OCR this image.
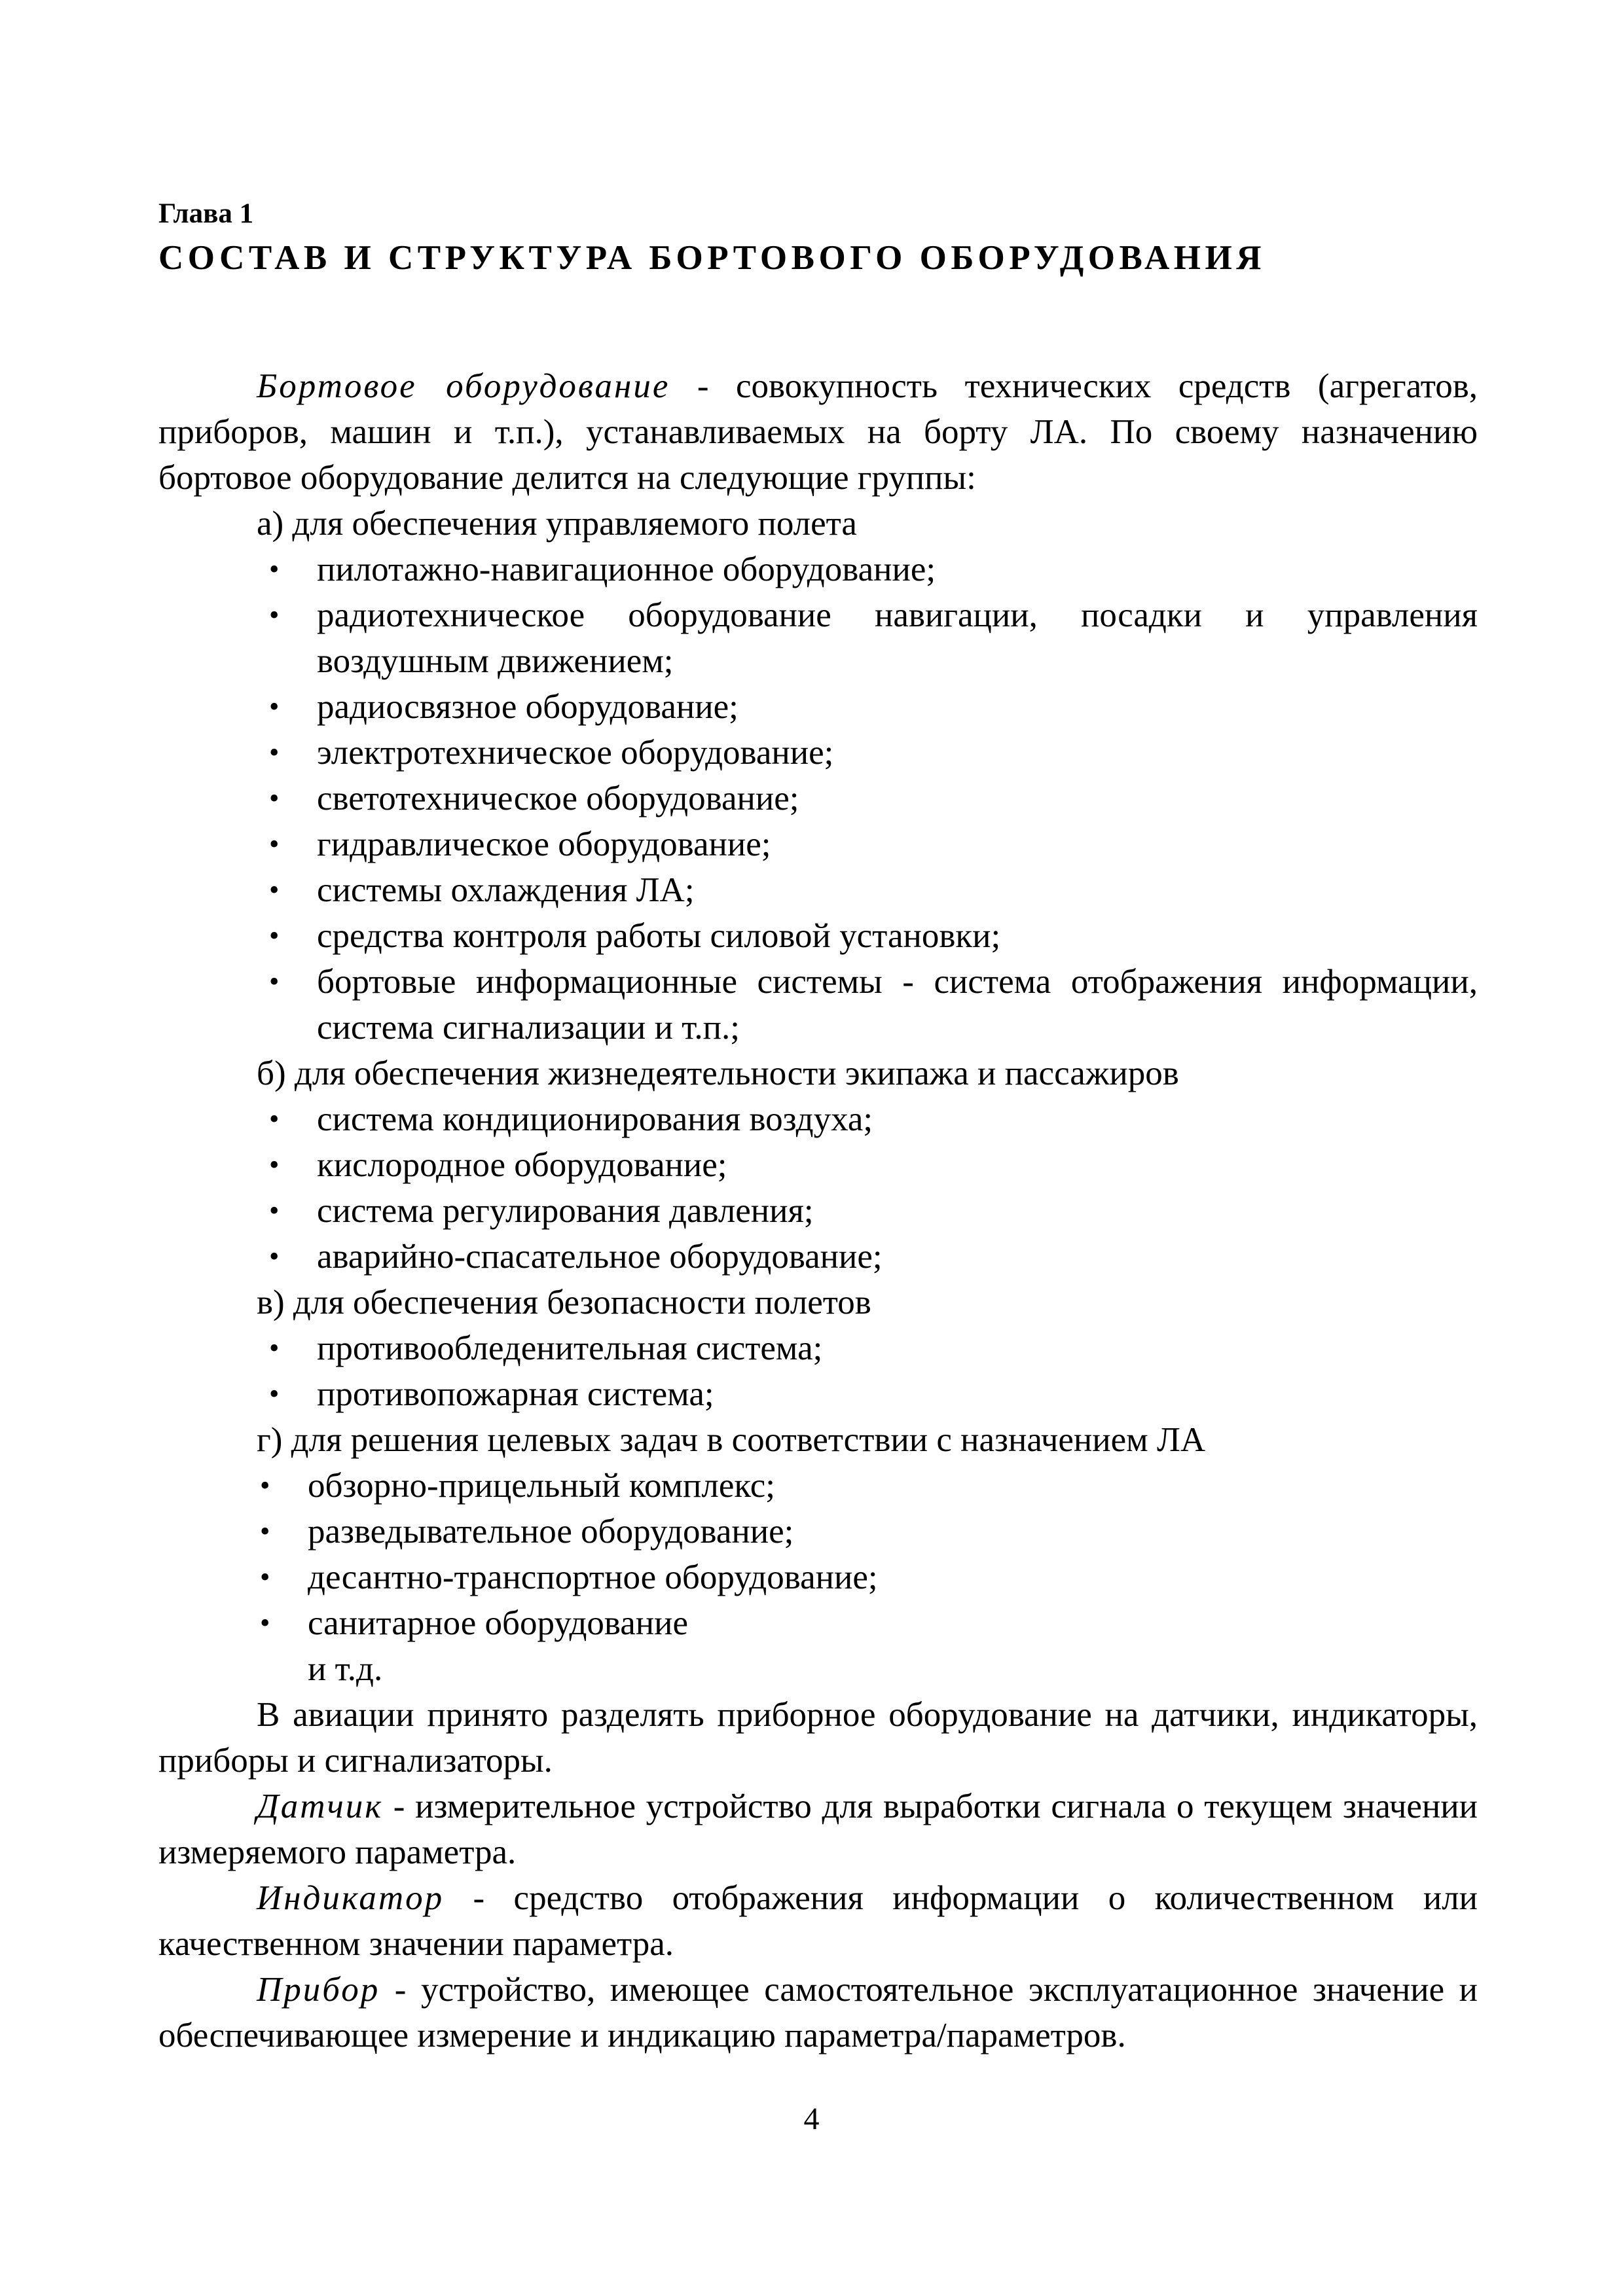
Глава 1

СОСТАВ И СТРУКТУРА БОРТОВОГО ОБОРУДОВАНИЯ

Бортовое оборудование - совокупность технических средств (агрегатов, приборов, машин и т.п.), устанавливаемых на борту ЛА. По своему назначению бортовое оборудование делится на следующие группы:

а) для обеспечения управляемого полета

• пилотажно-навигационное оборудование;
• радиотехническое оборудование навигации, посадки и управления воздушным движением;
• радиосвязное оборудование;
• электротехническое оборудование;
• светотехническое оборудование;
• гидравлическое оборудование;
• системы охлаждения ЛА;
• средства контроля работы силовой установки;
• бортовые информационные системы - система отображения информации, система сигнализации и т.п.;

б) для обеспечения жизнедеятельности экипажа и пассажиров

• система кондиционирования воздуха;
• кислородное оборудование;
• система регулирования давления;
• аварийно-спасательное оборудование;

в) для обеспечения безопасности полетов

• противообледенительная система;
• противопожарная система;

г) для решения целевых задач в соответствии с назначением ЛА

• обзорно-прицельный комплекс;
• разведывательное оборудование;
• десантно-транспортное оборудование;
• санитарное оборудование

и т.д.

В авиации принято разделять приборное оборудование на датчики, индикаторы, приборы и сигнализаторы.

Датчик - измерительное устройство для выработки сигнала о текущем значении измеряемого параметра.

Индикатор - средство отображения информации о количественном или качественном значении параметра.

Прибор - устройство, имеющее самостоятельное эксплуатационное значение и обеспечивающее измерение и индикацию параметра/параметров.

4
